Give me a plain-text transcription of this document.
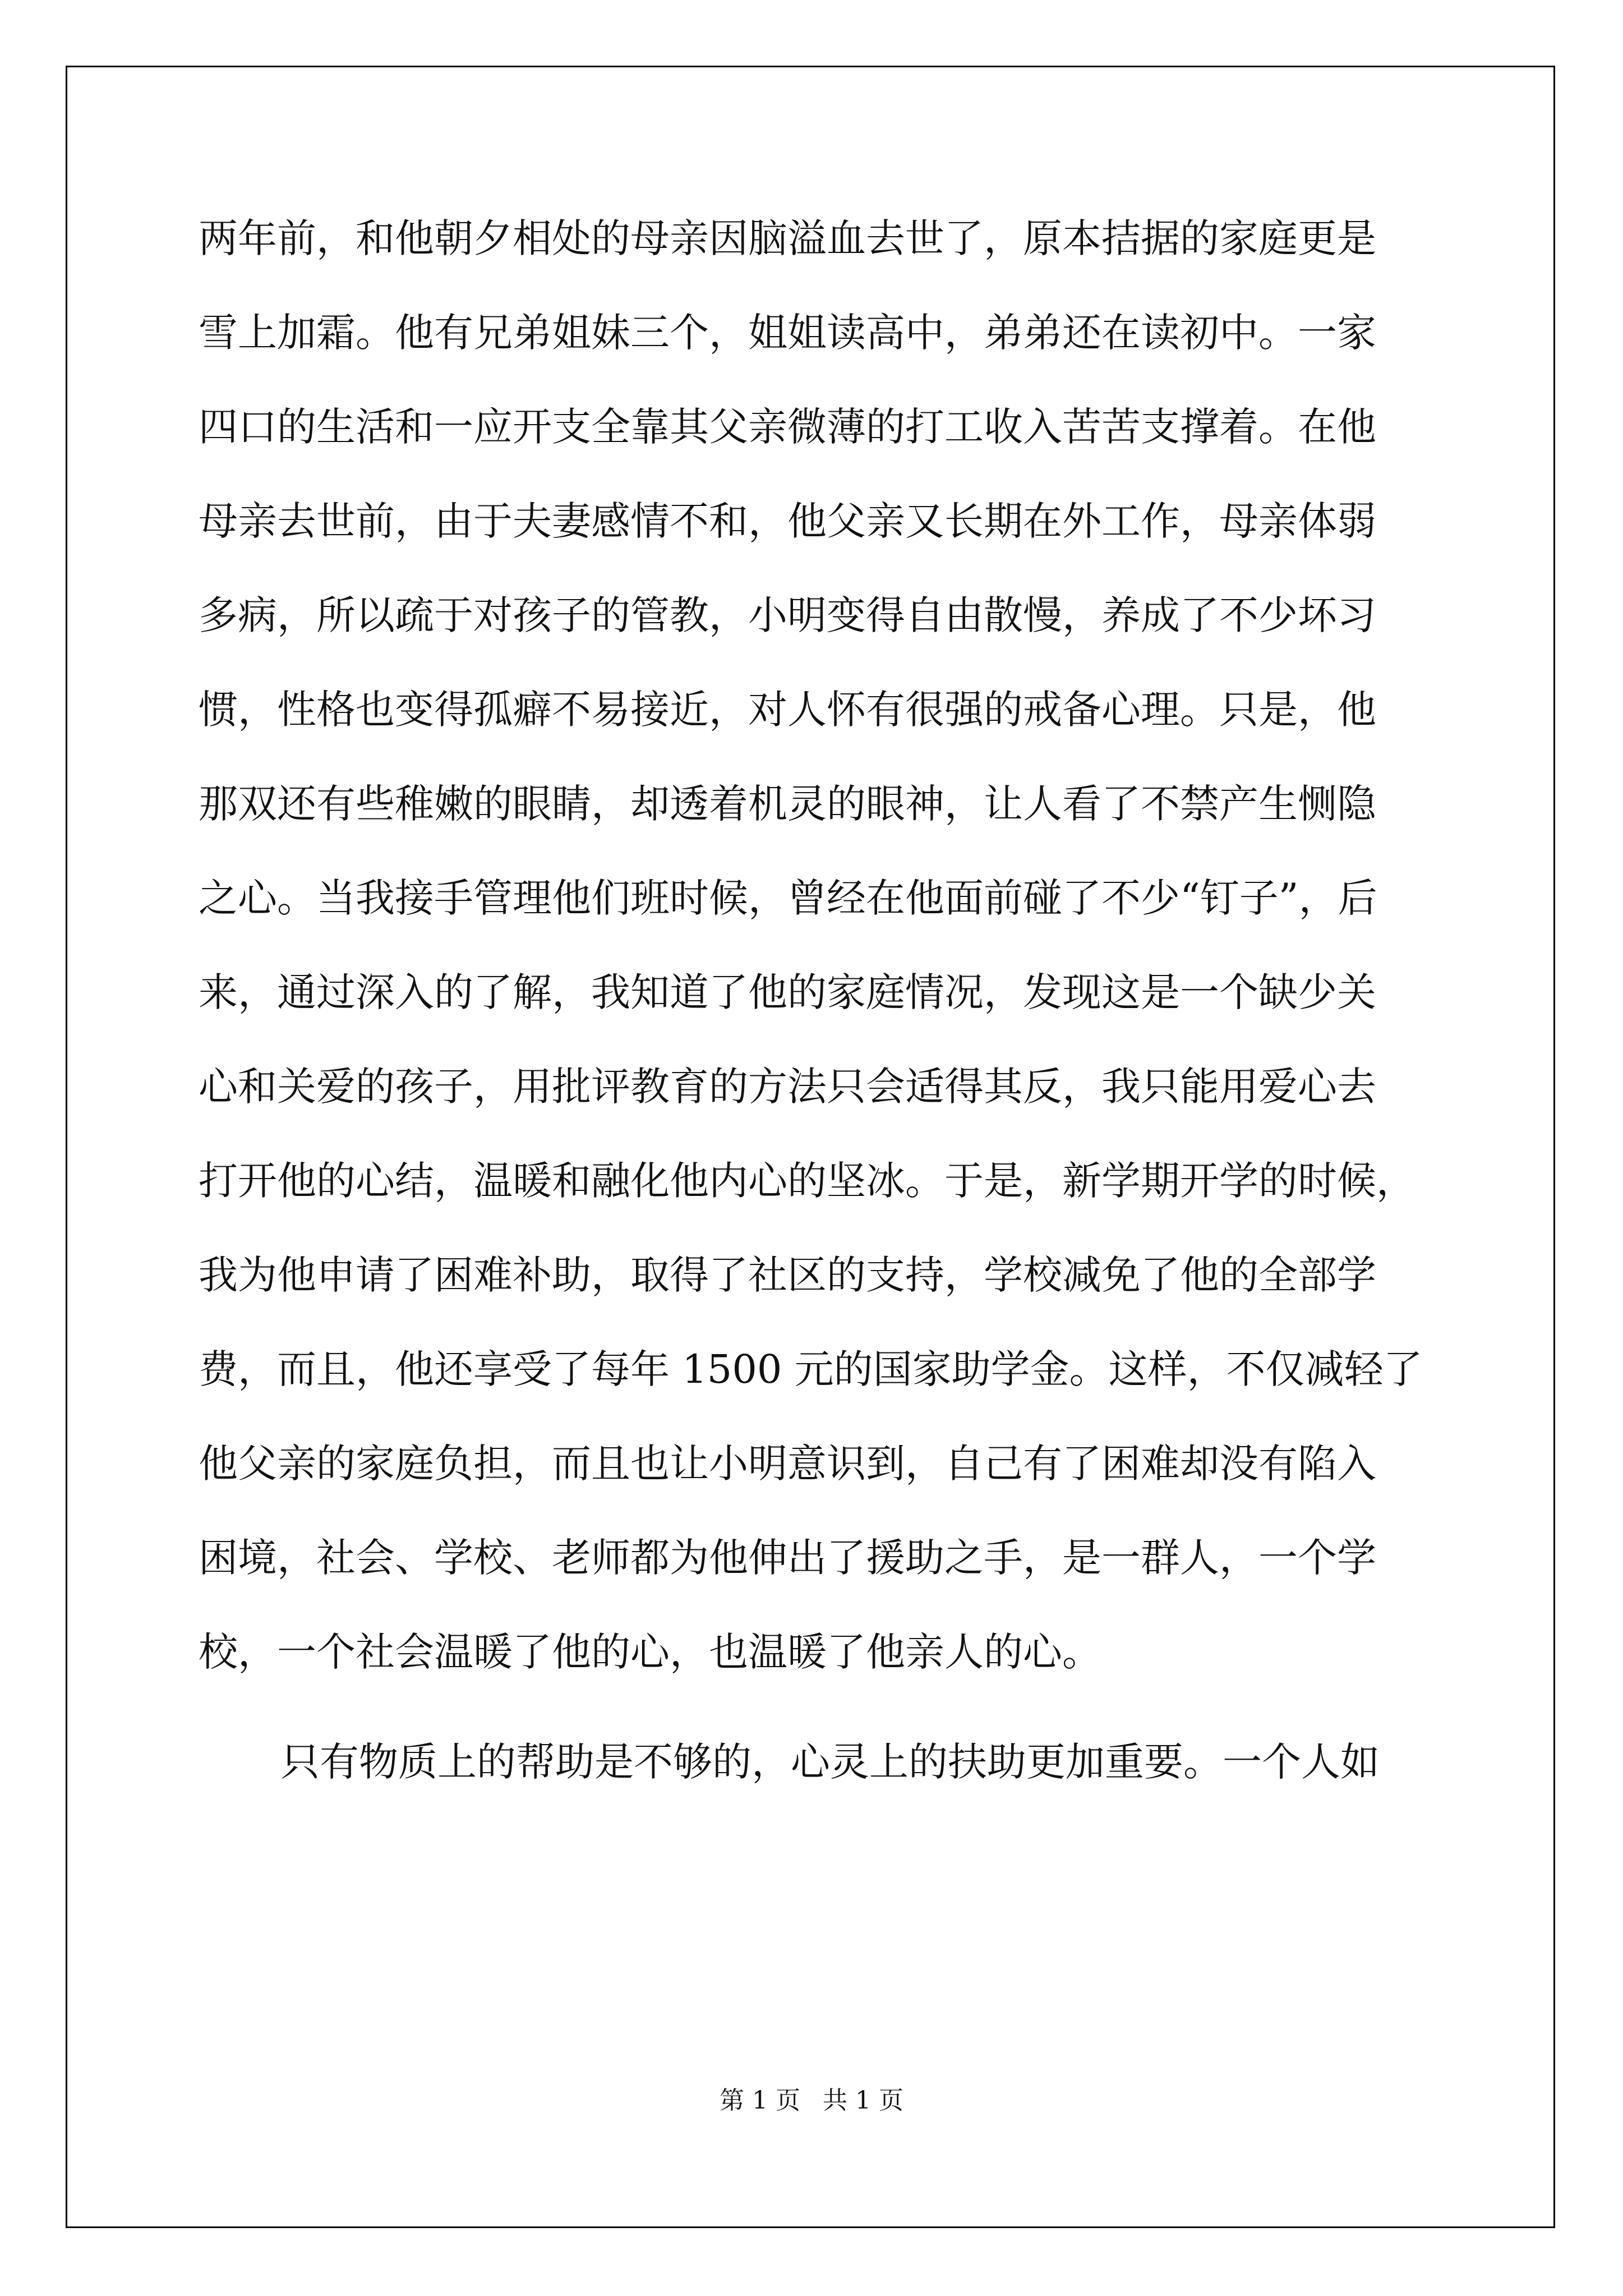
两年前，和他朝夕相处的母亲因脑溢血去世了，原本拮据的家庭更是
雪上加霜。他有兄弟姐妹三个，姐姐读高中，弟弟还在读初中。一家
四口的生活和一应开支全靠其父亲微薄的打工收入苦苦支撑着。在他
母亲去世前，由于夫妻感情不和，他父亲又长期在外工作，母亲体弱
多病，所以疏于对孩子的管教，小明变得自由散慢，养成了不少坏习
惯，性格也变得孤癖不易接近，对人怀有很强的戒备心理。只是，他
那双还有些稚嫩的眼睛，却透着机灵的眼神，让人看了不禁产生恻隐
之心。当我接手管理他们班时候，曾经在他面前碰了不少“钉子”，后
来，通过深入的了解，我知道了他的家庭情况，发现这是一个缺少关
心和关爱的孩子，用批评教育的方法只会适得其反，我只能用爱心去
打开他的心结，温暖和融化他内心的坚冰。于是，新学期开学的时候，
我为他申请了困难补助，取得了社区的支持，学校减免了他的全部学
费，而且，他还享受了每年 1500 元的国家助学金。这样，不仅减轻了
他父亲的家庭负担，而且也让小明意识到，自己有了困难却没有陷入
困境，社会、学校、老师都为他伸出了援助之手，是一群人，一个学
校，一个社会温暖了他的心，也温暖了他亲人的心。
只有物质上的帮助是不够的，心灵上的扶助更加重要。一个人如
第 1 页 共 1 页
